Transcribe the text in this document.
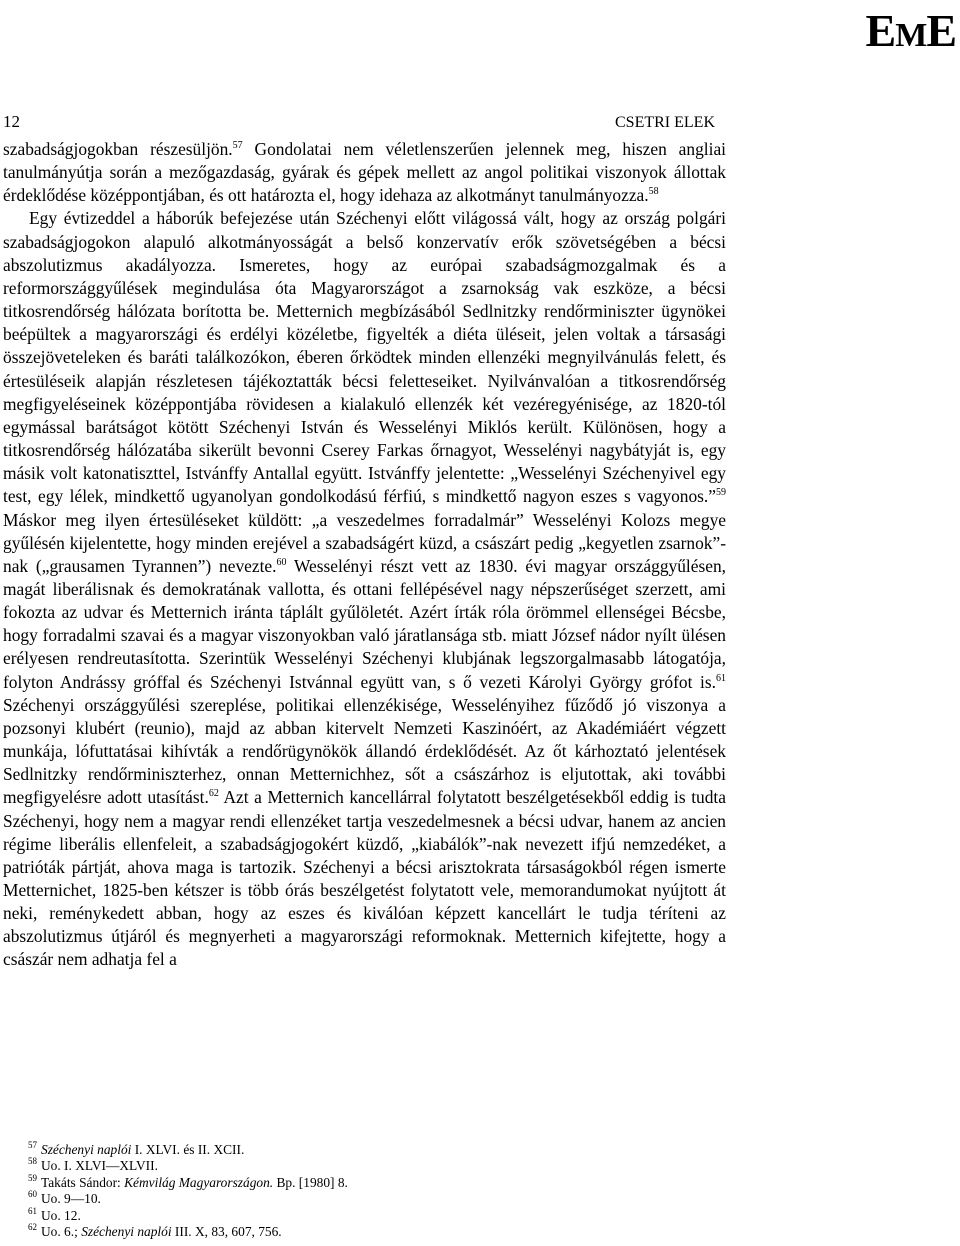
EME
12	CSETRI ELEK

szabadságjogokban részesüljön.$^{57}$ Gondolatai nem véletlenszerűen jelennek meg, hiszen angliai tanulmányútja során a mezőgazdaság, gyárak és gépek mellett az angol politikai viszonyok állottak érdeklődése középpontjában, és ott határozta el, hogy idehaza az alkotmányt tanulmányozza.$^{58}$

Egy évtizeddel a háborúk befejezése után Széchenyi előtt világossá vált, hogy az ország polgári szabadságjogokon alapuló alkotmányosságát a belső konzervatív erők szövetségében a bécsi abszolutizmus akadályozza. Ismeretes, hogy az európai szabadságmozgalmak és a reformországgyűlések megindulása óta Magyarországot a zsarnokság vak eszköze, a bécsi titkosrendőrség hálózata borította be. Metternich megbízásából Sedlnitzky rendőrminiszter ügynökei beépültek a magyarországi és erdélyi közéletbe, figyelték a diéta üléseit, jelen voltak a társasági összejöveteleken és baráti találkozókon, éberen őrködtek minden ellenzéki megnyilvánulás felett, és értesüléseik alapján részletesen tájékoztatták bécsi feletteseiket. Nyilvánvalóan a titkosrendőrség megfigyeléseinek középpontjába rövidesen a kialakuló ellenzék két vezéregyénisége, az 1820-tól egymással barátságot kötött Széchenyi István és Wesselényi Miklós került. Különösen, hogy a titkosrendőrség hálózatába sikerült bevonni Cserey Farkas őrnagyot, Wesselényi nagybátyját is, egy másik volt katonatiszttel, Istvánffy Antallal együtt. Istvánffy jelentette: „Wesselényi Széchenyivel egy test, egy lélek, mindkettő ugyanolyan gondolkodású férfiú, s mindkettő nagyon eszes s vagyonos.”$^{59}$ Máskor meg ilyen értesüléseket küldött: „a veszedelmes forradalmár” Wesselényi Kolozs megye gyűlésén kijelentette, hogy minden erejével a szabadságért küzd, a császárt pedig „kegyetlen zsarnok”-nak („grausamen Tyrannen”) nevezte.$^{60}$ Wesselényi részt vett az 1830. évi magyar országgyűlésen, magát liberálisnak és demokratának vallotta, és ottani fellépésével nagy népszerűséget szerzett, ami fokozta az udvar és Metternich iránta táplált gyűlöletét. Azért írták róla örömmel ellenségei Bécsbe, hogy forradalmi szavai és a magyar viszonyokban való járatlansága stb. miatt József nádor nyílt ülésen erélyesen rendreutasította. Szerintük Wesselényi Széchenyi klubjának legszorgalmasabb látogatója, folyton Andrássy gróffal és Széchenyi Istvánnal együtt van, s ő vezeti Károlyi György grófot is.$^{61}$ Széchenyi országgyűlési szereplése, politikai ellenzékisége, Wesselényihez fűződő jó viszonya a pozsonyi klubért (reunio), majd az abban kitervelt Nemzeti Kaszinóért, az Akadémiáért végzett munkája, lófuttatásai kihívták a rendőrügynökök állandó érdeklődését. Az őt kárhoztató jelentések Sedlnitzky rendőrminiszterhez, onnan Metternichhez, sőt a császárhoz is eljutottak, aki további megfigyelésre adott utasítást.$^{62}$ Azt a Metternich kancellárral folytatott beszélgetésekből eddig is tudta Széchenyi, hogy nem a magyar rendi ellenzéket tartja veszedelmesnek a bécsi udvar, hanem az ancien régime liberális ellenfeleit, a szabadságjogokért küzdő, „kiabálók”-nak nevezett ifjú nemzedéket, a patrióták pártját, ahova maga is tartozik. Széchenyi a bécsi arisztokrata társaságokból régen ismerte Metternichet, 1825-ben kétszer is több órás beszélgetést folytatott vele, memorandumokat nyújtott át neki, reménykedett abban, hogy az eszes és kiválóan képzett kancellárt le tudja téríteni az abszolutizmus útjáról és megnyerheti a magyarországi reformoknak. Metternich kifejtette, hogy a császár nem adhatja fel a

$^{57}$ Széchenyi naplói I. XLVI. és II. XCII.
$^{58}$ Uo. I. XLVI—XLVII.
$^{59}$ Takáts Sándor: Kémvilág Magyarországon. Bp. [1980] 8.
$^{60}$ Uo. 9—10.
$^{61}$ Uo. 12.
$^{62}$ Uo. 6.; Széchenyi naplói III. X, 83, 607, 756.
